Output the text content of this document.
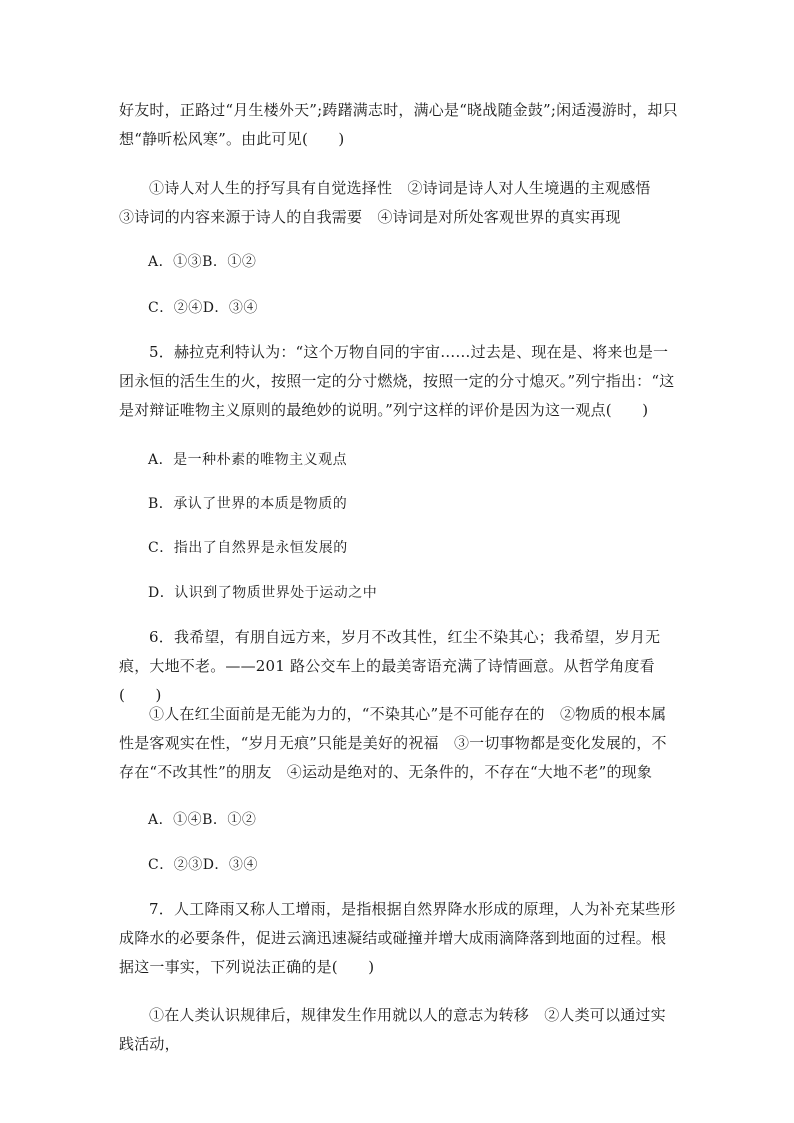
好友时，正路过“月生楼外天”;踌躇满志时，满心是“晓战随金鼓”;闲适漫游时，却只想“静听松风寒”。由此可见(　　)
①诗人对人生的抒写具有自觉选择性　②诗词是诗人对人生境遇的主观感悟　③诗词的内容来源于诗人的自我需要　④诗词是对所处客观世界的真实再现
A．①③B．①②
C．②④D．③④
5．赫拉克利特认为：“这个万物自同的宇宙……过去是、现在是、将来也是一团永恒的活生生的火，按照一定的分寸燃烧，按照一定的分寸熄灭。”列宁指出：“这是对辩证唯物主义原则的最绝妙的说明。”列宁这样的评价是因为这一观点(　　)
A．是一种朴素的唯物主义观点
B．承认了世界的本质是物质的
C．指出了自然界是永恒发展的
D．认识到了物质世界处于运动之中
6．我希望，有朋自远方来，岁月不改其性，红尘不染其心；我希望，岁月无痕，大地不老。——201 路公交车上的最美寄语充满了诗情画意。从哲学角度看(　　)
①人在红尘面前是无能为力的，“不染其心”是不可能存在的　②物质的根本属性是客观实在性，“岁月无痕”只能是美好的祝福　③一切事物都是变化发展的，不存在“不改其性”的朋友　④运动是绝对的、无条件的，不存在“大地不老”的现象
A．①④B．①②
C．②③D．③④
7．人工降雨又称人工增雨，是指根据自然界降水形成的原理，人为补充某些形成降水的必要条件，促进云滴迅速凝结或碰撞并增大成雨滴降落到地面的过程。根据这一事实，下列说法正确的是(　　)
①在人类认识规律后，规律发生作用就以人的意志为转移　②人类可以通过实践活动，
